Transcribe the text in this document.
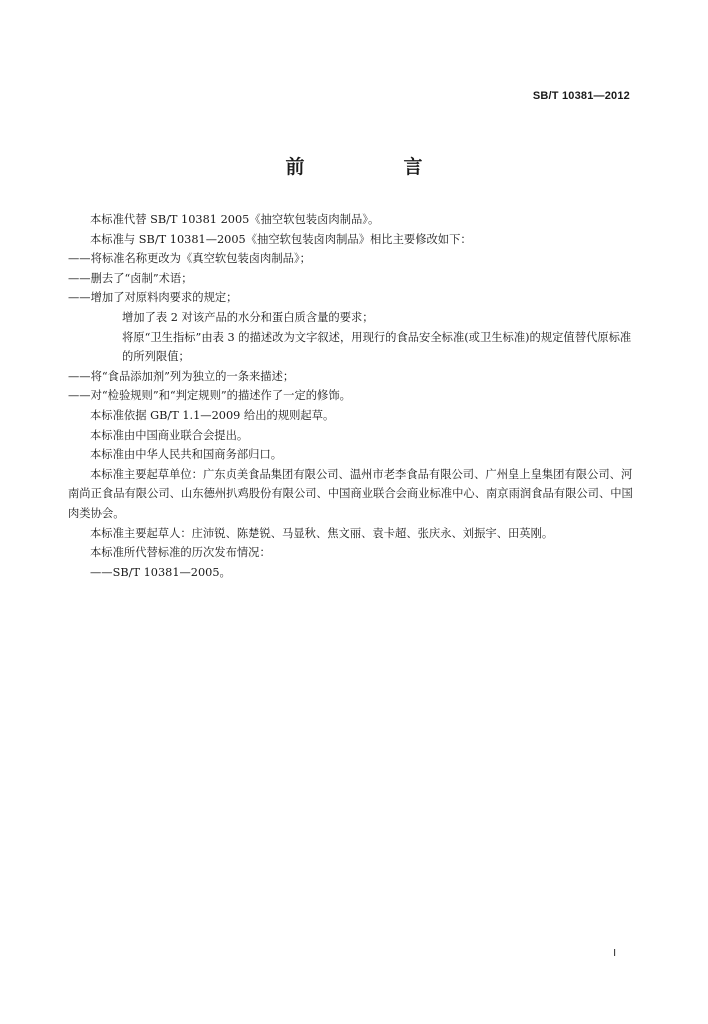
SB/T 10381—2012
前　言
本标准代替 SB/T 10381 2005《抽空软包装卤肉制品》。
本标准与 SB/T 10381—2005《抽空软包装卤肉制品》相比主要修改如下：
——将标准名称更改为《真空软包装卤肉制品》；
——删去了“卤制”术语；
——增加了对原料肉要求的规定；
增加了表 2 对该产品的水分和蛋白质含量的要求；
将原“卫生指标”由表 3 的描述改为文字叙述，用现行的食品安全标准(或卫生标准)的规定值替代原标准的所列限值；
——将“食品添加剂”列为独立的一条来描述；
——对“检验规则”和“判定规则”的描述作了一定的修饰。
本标准依据 GB/T 1.1—2009 给出的规则起草。
本标准由中国商业联合会提出。
本标准由中华人民共和国商务部归口。
本标准主要起草单位：广东贞美食品集团有限公司、温州市老李食品有限公司、广州皇上皇集团有限公司、河南尚正食品有限公司、山东德州扒鸡股份有限公司、中国商业联合会商业标准中心、南京雨润食品有限公司、中国肉类协会。
本标准主要起草人：庄沛锐、陈楚锐、马显秋、焦文丽、袁卡超、张庆永、刘振宇、田英刚。
本标准所代替标准的历次发布情况：
——SB/T 10381—2005。
I
